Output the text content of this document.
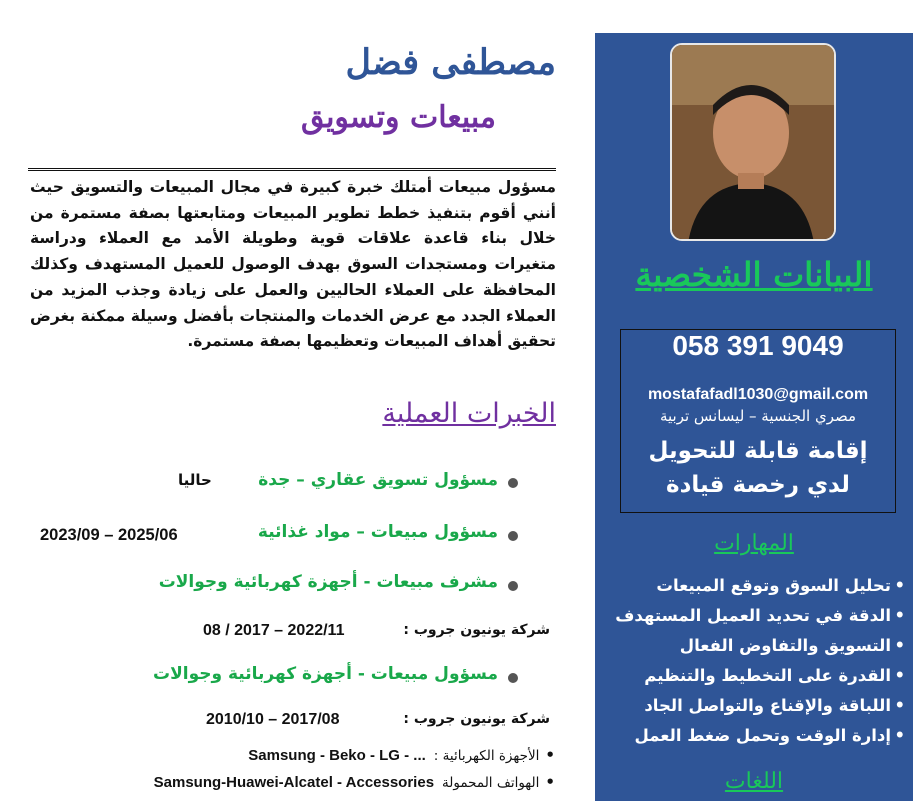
البيانات الشخصية
058 391 9049
mostafafadl1030@gmail.com
مصري الجنسية – ليسانس تربية
إقامة قابلة للتحويل
لدي رخصة قيادة
المهارات
• تحليل السوق وتوقع المبيعات
• الدقة في تحديد العميل المستهدف
• التسويق والتفاوض الفعال
• القدرة على التخطيط والتنظيم
• اللباقة والإقناع والتواصل الجاد
• إدارة الوقت وتحمل ضغط العمل
اللغات
مصطفى فضل
مبيعات وتسويق

مسؤول مبيعات أمتلك خبرة كبيرة في مجال المبيعات والتسويق حيث أنني أقوم بتنفيذ خطط تطوير المبيعات ومتابعتها بصفة مستمرة من خلال بناء قاعدة علاقات قوية وطويلة الأمد مع العملاء ودراسة متغيرات ومستجدات السوق بهدف الوصول للعميل المستهدف وكذلك المحافظة على العملاء الحاليين والعمل على زيادة وجذب المزيد من العملاء الجدد مع عرض الخدمات والمنتجات بأفضل وسيلة ممكنة بغرض تحقيق أهداف المبيعات وتعظيمها بصفة مستمرة.

الخبرات العملية
مسؤول تسويق عقاري – جدة
حاليا
مسؤول مبيعات – مواد غذائية
2023/09 – 2025/06
مشرف مبيعات - أجهزة كهربائية وجوالات
شركة يونيون جروب :
08 / 2017 – 2022/11
مسؤول مبيعات - أجهزة كهربائية وجوالات
شركة يونيون جروب :
2010/10 – 2017/08
•الأجهزة الكهربائية :Samsung - Beko - LG - ...
•الهواتف المحمولةSamsung-Huawei-Alcatel - Accessories
